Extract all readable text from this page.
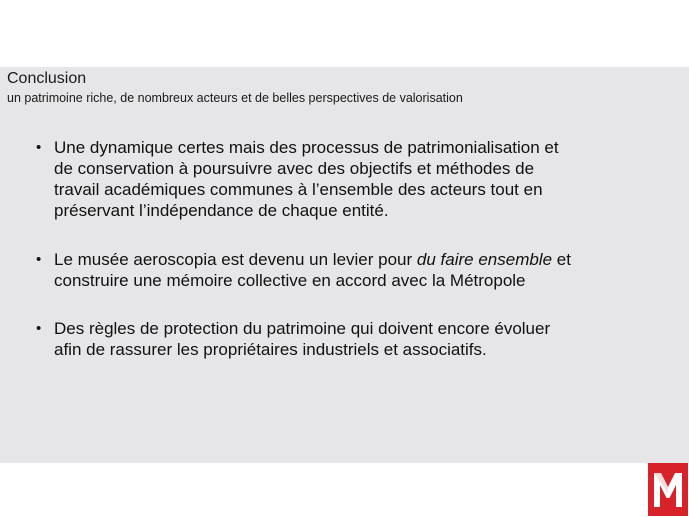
Conclusion
un patrimoine riche, de nombreux acteurs et de belles perspectives de valorisation
• Une dynamique certes mais des processus de patrimonialisation et
de conservation à poursuivre avec des objectifs et méthodes de
travail académiques communes à l’ensemble des acteurs tout en
préservant l’indépendance de chaque entité.
• Le musée aeroscopia est devenu un levier pour du faire ensemble et
construire une mémoire collective en accord avec la Métropole
• Des règles de protection du patrimoine qui doivent encore évoluer
afin de rassurer les propriétaires industriels et associatifs.
